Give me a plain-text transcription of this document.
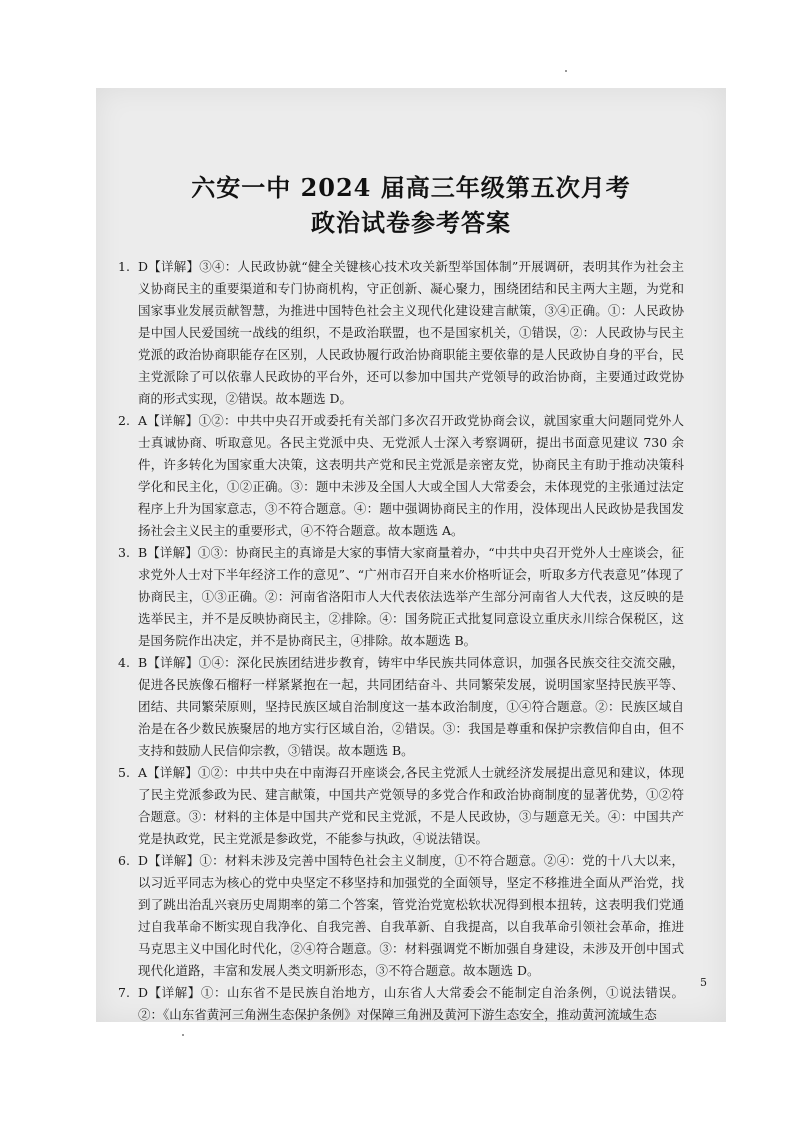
六安一中 2024 届高三年级第五次月考
政治试卷参考答案
1. D【详解】③④：人民政协就“健全关键核心技术攻关新型举国体制”开展调研，表明其作为社会主义协商民主的重要渠道和专门协商机构，守正创新、凝心聚力，围绕团结和民主两大主题，为党和国家事业发展贡献智慧，为推进中国特色社会主义现代化建设建言献策，③④正确。①：人民政协是中国人民爱国统一战线的组织，不是政治联盟，也不是国家机关，①错误，②：人民政协与民主党派的政治协商职能存在区别，人民政协履行政治协商职能主要依靠的是人民政协自身的平台，民主党派除了可以依靠人民政协的平台外，还可以参加中国共产党领导的政治协商，主要通过政党协商的形式实现，②错误。故本题选 D。
2. A【详解】①②：中共中央召开或委托有关部门多次召开政党协商会议，就国家重大问题同党外人士真诚协商、听取意见。各民主党派中央、无党派人士深入考察调研，提出书面意见建议 730 余件，许多转化为国家重大决策，这表明共产党和民主党派是亲密友党，协商民主有助于推动决策科学化和民主化，①②正确。③：题中未涉及全国人大或全国人大常委会，未体现党的主张通过法定程序上升为国家意志，③不符合题意。④：题中强调协商民主的作用，没体现出人民政协是我国发扬社会主义民主的重要形式，④不符合题意。故本题选 A。
3. B【详解】①③：协商民主的真谛是大家的事情大家商量着办，“中共中央召开党外人士座谈会，征求党外人士对下半年经济工作的意见”、“广州市召开自来水价格听证会，听取多方代表意见”体现了协商民主，①③正确。②：河南省洛阳市人大代表依法选举产生部分河南省人大代表，这反映的是选举民主，并不是反映协商民主，②排除。④：国务院正式批复同意设立重庆永川综合保税区，这是国务院作出决定，并不是协商民主，④排除。故本题选 B。
4. B【详解】①④：深化民族团结进步教育，铸牢中华民族共同体意识，加强各民族交往交流交融，促进各民族像石榴籽一样紧紧抱在一起，共同团结奋斗、共同繁荣发展，说明国家坚持民族平等、团结、共同繁荣原则，坚持民族区域自治制度这一基本政治制度，①④符合题意。②：民族区域自治是在各少数民族聚居的地方实行区域自治，②错误。③：我国是尊重和保护宗教信仰自由，但不支持和鼓励人民信仰宗教，③错误。故本题选 B。
5. A【详解】①②：中共中央在中南海召开座谈会,各民主党派人士就经济发展提出意见和建议，体现了民主党派参政为民、建言献策，中国共产党领导的多党合作和政治协商制度的显著优势，①②符合题意。③：材料的主体是中国共产党和民主党派，不是人民政协，③与题意无关。④：中国共产党是执政党，民主党派是参政党，不能参与执政，④说法错误。
6. D【详解】①：材料未涉及完善中国特色社会主义制度，①不符合题意。②④：党的十八大以来，以习近平同志为核心的党中央坚定不移坚持和加强党的全面领导，坚定不移推进全面从严治党，找到了跳出治乱兴衰历史周期率的第二个答案，管党治党宽松软状况得到根本扭转，这表明我们党通过自我革命不断实现自我净化、自我完善、自我革新、自我提高，以自我革命引领社会革命，推进马克思主义中国化时代化，②④符合题意。③：材料强调党不断加强自身建设，未涉及开创中国式现代化道路，丰富和发展人类文明新形态，③不符合题意。故本题选 D。
7. D【详解】①：山东省不是民族自治地方，山东省人大常委会不能制定自治条例，①说法错误。②：《山东省黄河三角洲生态保护条例》对保障三角洲及黄河下游生态安全，推动黄河流域生态
5
